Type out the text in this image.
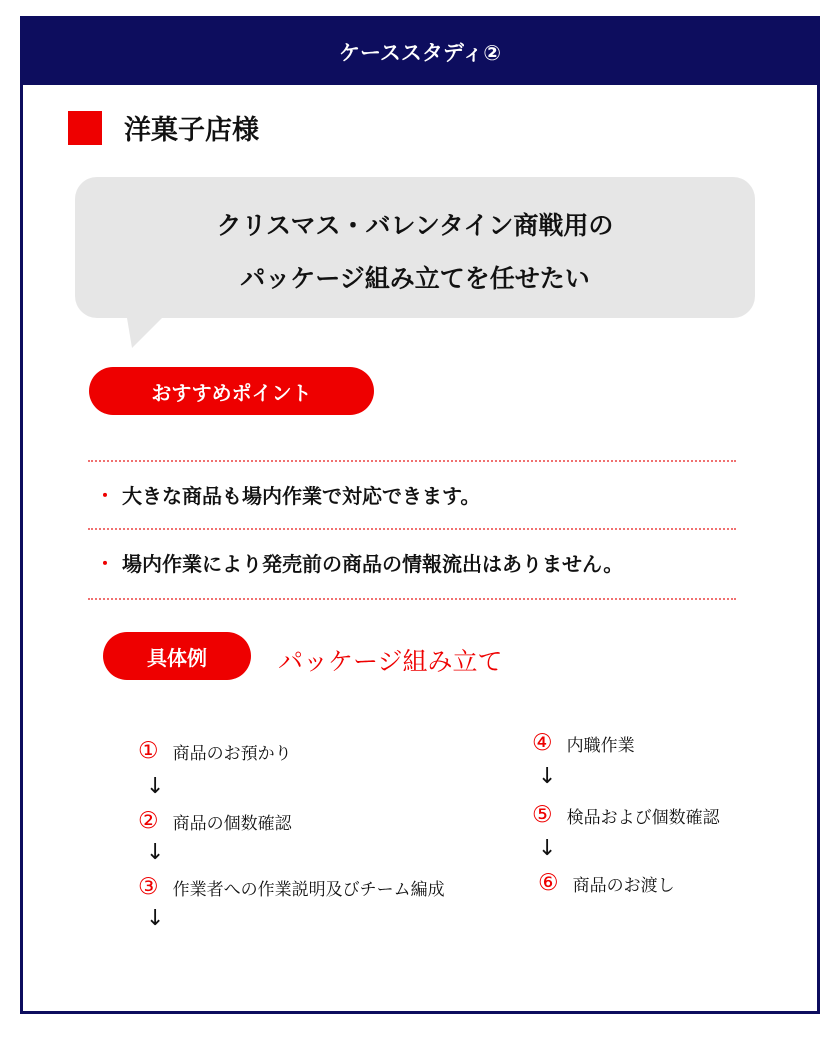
ケーススタディ②
洋菓子店様
クリスマス・バレンタイン商戦用の
パッケージ組み立てを任せたい
おすすめポイント
・ 大きな商品も場内作業で対応できます。
・ 場内作業により発売前の商品の情報流出はありません。
具体例	パッケージ組み立て
① 商品のお預かり
↓
② 商品の個数確認
↓
③ 作業者への作業説明及びチーム編成
↓
④ 内職作業
↓
⑤ 検品および個数確認
↓
⑥ 商品のお渡し
